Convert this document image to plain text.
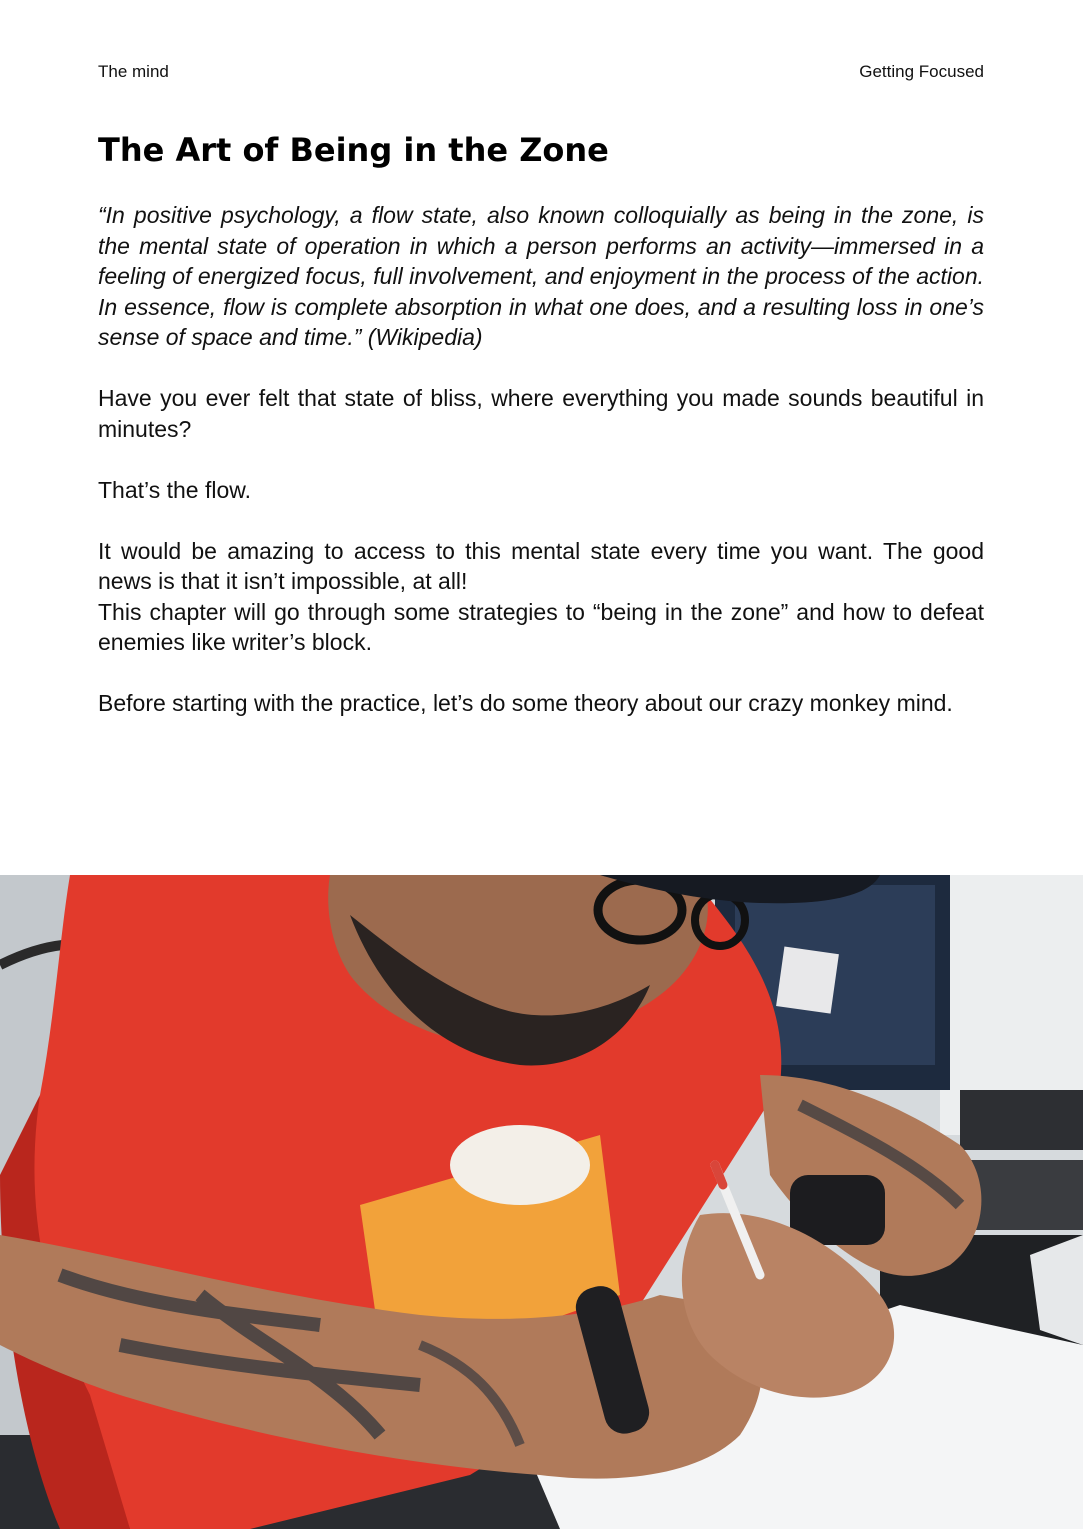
The mind	Getting Focused
The Art of Being in the Zone

“In positive psychology, a flow state, also known colloquially as being in the zone, is the mental state of operation in which a person performs an activity—immersed in a feeling of energized focus, full involvement, and enjoyment in the process of the action. In essence, flow is complete absorption in what one does, and a resulting loss in one’s sense of space and time.” (Wikipedia)

Have you ever felt that state of bliss, where everything you made sounds beautiful in minutes?

That’s the flow.

It would be amazing to access to this mental state every time you want. The good news is that it isn’t impossible, at all!

This chapter will go through some strategies to “being in the zone” and how to defeat enemies like writer’s block.

Before starting with the practice, let’s do some theory about our crazy monkey mind.
